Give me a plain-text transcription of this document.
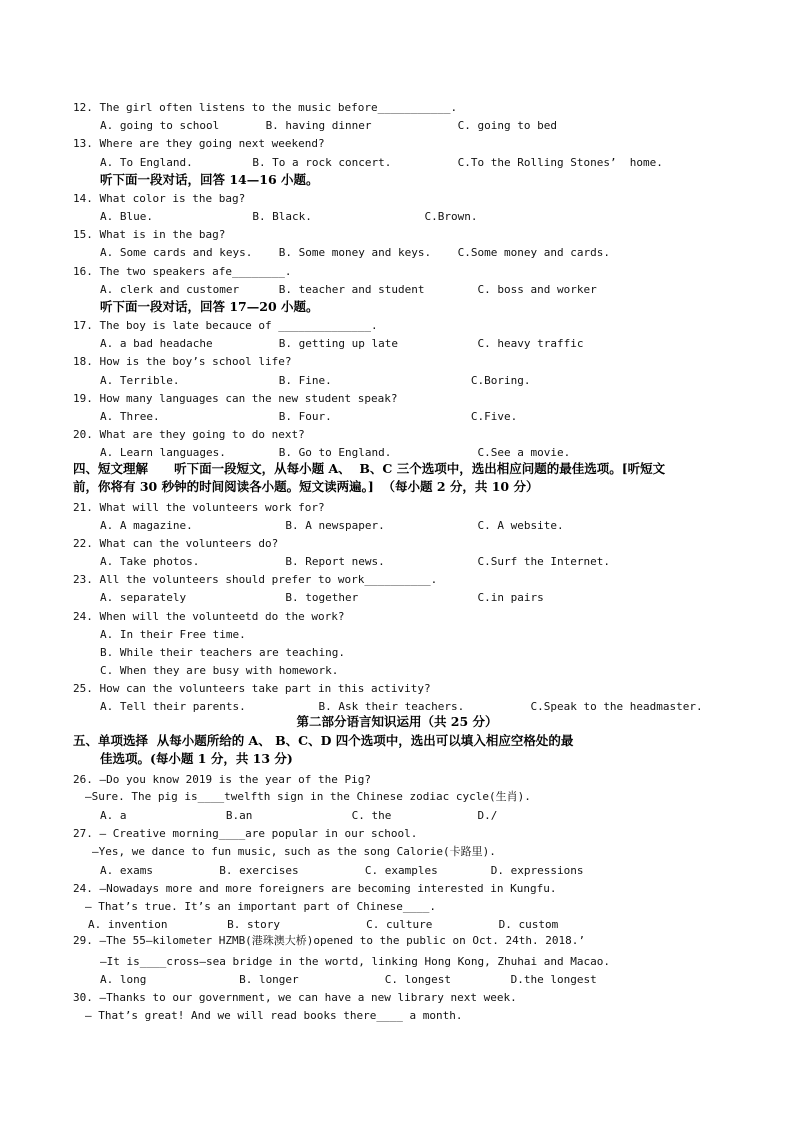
12. The girl often listens to the music before___________.
A. going to school       B. having dinner             C. going to bed
13. Where are they going next weekend?
A. To England.         B. To a rock concert.          C.To the Rolling Stones’  home.
听下面一段对话，回答 14—16 小题。
14. What color is the bag?
A. Blue.               B. Black.                 C.Brown.
15. What is in the bag?
A. Some cards and keys.    B. Some money and keys.    C.Some money and cards.
16. The two speakers afe________.
A. clerk and customer      B. teacher and student        C. boss and worker
听下面一段对话，回答 17—20 小题。
17. The boy is late becauce of ______________.
A. a bad headache          B. getting up late            C. heavy traffic
18. How is the boy’s school life?
A. Terrible.               B. Fine.                     C.Boring.
19. How many languages can the new student speak?
A. Three.                  B. Four.                     C.Five.
20. What are they going to do next?
A. Learn languages.        B. Go to England.             C.See a movie.
四、短文理解      听下面一段短文，从每小题 A、  B、C 三个选项中，选出相应问题的最佳选项。[听短文
前，你将有 30 秒钟的时间阅读各小题。短文读两遍。]  （每小题 2 分，共 10 分）
21. What will the volunteers work for?
A. A magazine.              B. A newspaper.              C. A website.
22. What can the volunteers do?
A. Take photos.             B. Report news.              C.Surf the Internet.
23. All the volunteers should prefer to work__________.
A. separately               B. together                  C.in pairs
24. When will the volunteetd do the work?
A. In their Free time.
B. While their teachers are teaching.
C. When they are busy with homework.
25. How can the volunteers take part in this activity?
A. Tell their parents.           B. Ask their teachers.          C.Speak to the headmaster.
第二部分语言知识运用（共 25 分）
五、单项选择  从每小题所给的 A、 B、C、D 四个选项中，选出可以填入相应空格处的最
佳选项。(每小题 1 分，共 13 分)
26. —Do you know 2019 is the year of the Pig?
—Sure. The pig is____twelfth sign in the Chinese zodiac cycle(生肖).
A. a               B.an               C. the             D./
27. — Creative morning____are popular in our school.
—Yes, we dance to fun music, such as the song Calorie(卡路里).
A. exams          B. exercises          C. examples        D. expressions
24. —Nowadays more and more foreigners are becoming interested in Kungfu.
— That’s true. It’s an important part of Chinese____.
A. invention         B. story             C. culture          D. custom
29. —The 55—kilometer HZMB(港珠澳大桥)opened to the public on Oct. 24th. 2018.’
—It is____cross—sea bridge in the wortd, linking Hong Kong, Zhuhai and Macao.
A. long              B. longer             C. longest         D.the longest
30. —Thanks to our government, we can have a new library next week.
— That’s great! And we will read books there____ a month.
